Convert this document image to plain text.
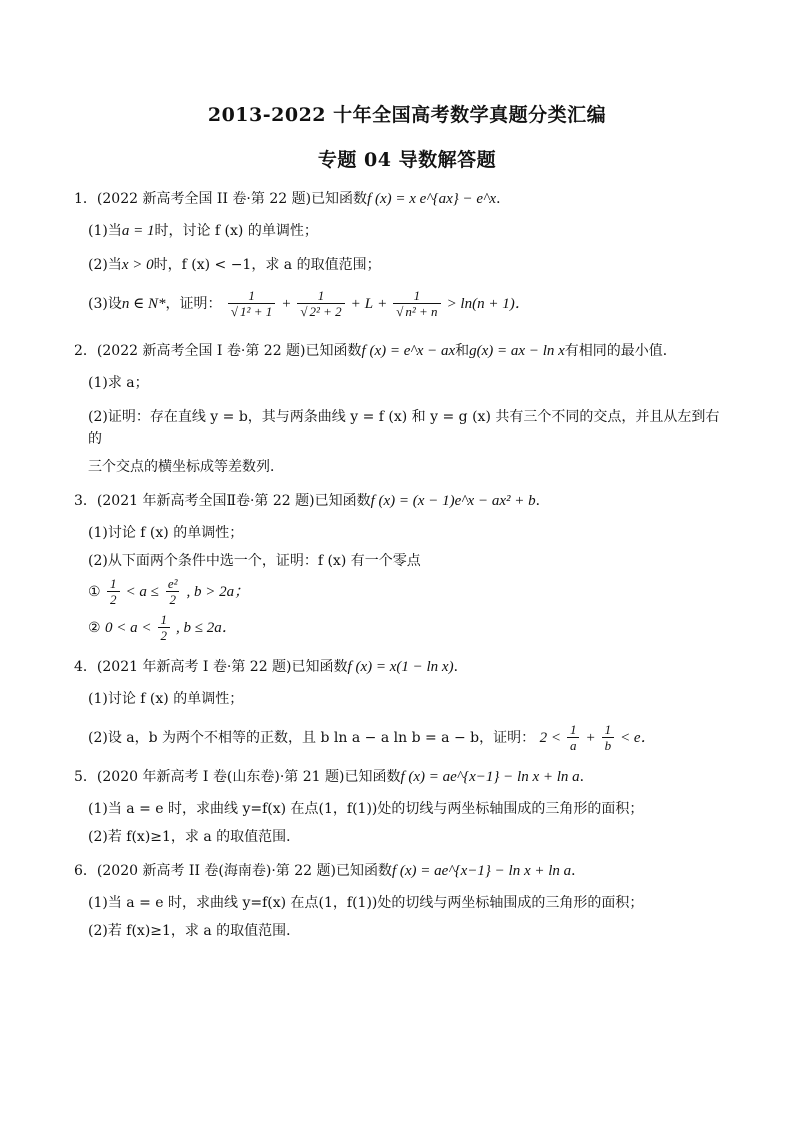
2013-2022 十年全国高考数学真题分类汇编
专题 04 导数解答题

1．(2022 新高考全国 II 卷·第 22 题)已知函数f (x) = x e^{ax} − e^x．

(1)当a = 1时，讨论 f (x) 的单调性；

(2)当x > 0时，f (x) < −1，求 a 的取值范围；

(3)设n ∈ N*，证明： $\frac{1}{\text{√ 1² + 1}} + \frac{1}{\text{√ 2² + 2}} + L + \frac{1}{\text{√ n² + n}} > \ln(n + 1)$．

2．(2022 新高考全国 I 卷·第 22 题)已知函数f (x) = e^x − ax和g(x) = ax − ln x有相同的最小值．

(1)求 a；

(2)证明：存在直线 y = b，其与两条曲线 y = f (x) 和 y = g (x) 共有三个不同的交点，并且从左到右的

三个交点的横坐标成等差数列．

3．(2021 年新高考全国Ⅱ卷·第 22 题)已知函数f (x) = (x − 1)e^x − ax² + b．

(1)讨论 f (x) 的单调性；

(2)从下面两个条件中选一个，证明：f (x) 有一个零点

① $\frac{1}{2} < a \le \frac{\text{e²}}{2}$ , b > 2a；

② $0 < a < \frac{1}{2}$ , b ≤ 2a．

4．(2021 年新高考 I 卷·第 22 题)已知函数f (x) = x(1 − ln x)．

(1)讨论 f (x) 的单调性；

(2)设 a，b 为两个不相等的正数，且 b ln a − a ln b = a − b，证明： $2 < \frac{1}{a} + \frac{1}{b} < e$．

5．(2020 年新高考 I 卷(山东卷)·第 21 题)已知函数f (x) = ae^{x−1} − ln x + ln a．

(1)当 a = e 时，求曲线 y=f(x) 在点(1，f(1))处的切线与两坐标轴围成的三角形的面积；

(2)若 f(x)≥1，求 a 的取值范围．

6．(2020 新高考 II 卷(海南卷)·第 22 题)已知函数f (x) = ae^{x−1} − ln x + ln a．

(1)当 a = e 时，求曲线 y=f(x) 在点(1，f(1))处的切线与两坐标轴围成的三角形的面积；

(2)若 f(x)≥1，求 a 的取值范围．
